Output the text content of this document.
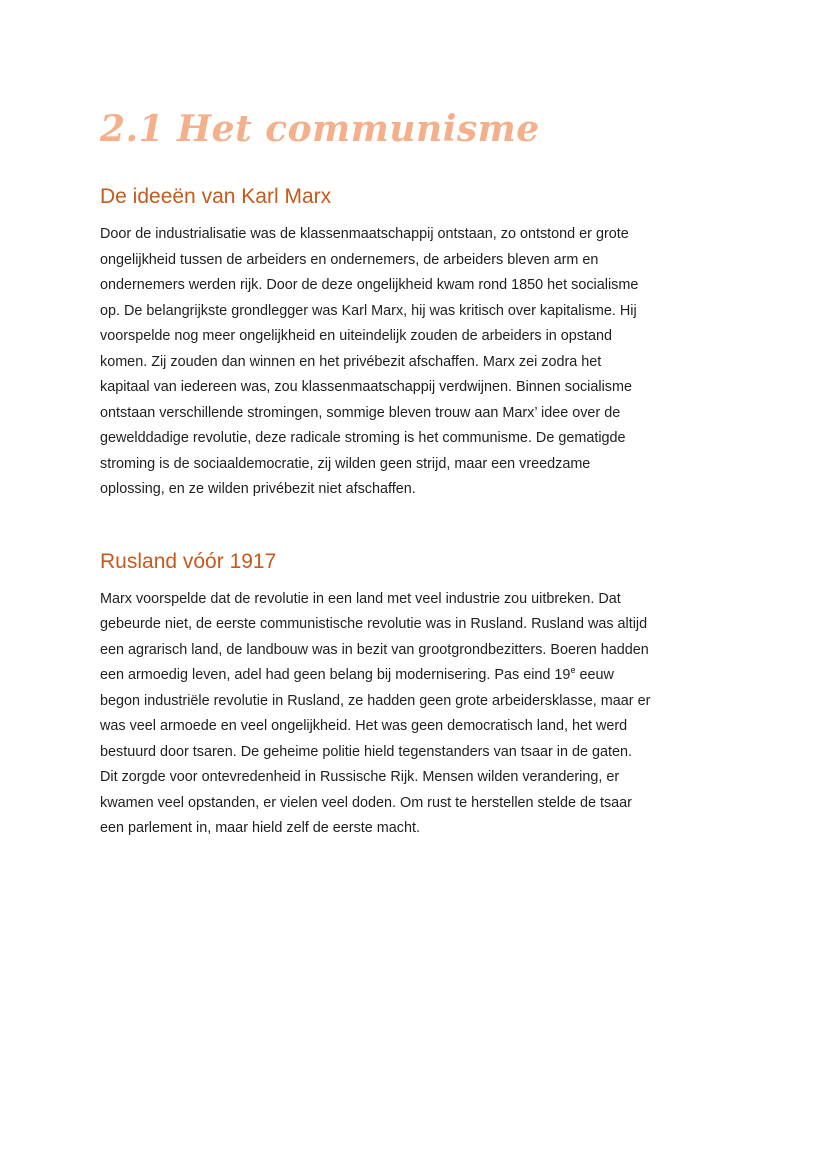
2.1 Het communisme
De ideeën van Karl Marx
Door de industrialisatie was de klassenmaatschappij ontstaan, zo ontstond er grote
ongelijkheid tussen de arbeiders en ondernemers, de arbeiders bleven arm en
ondernemers werden rijk. Door de deze ongelijkheid kwam rond 1850 het socialisme
op. De belangrijkste grondlegger was Karl Marx, hij was kritisch over kapitalisme. Hij
voorspelde nog meer ongelijkheid en uiteindelijk zouden de arbeiders in opstand
komen. Zij zouden dan winnen en het privébezit afschaffen. Marx zei zodra het
kapitaal van iedereen was, zou klassenmaatschappij verdwijnen. Binnen socialisme
ontstaan verschillende stromingen, sommige bleven trouw aan Marx’ idee over de
gewelddadige revolutie, deze radicale stroming is het communisme. De gematigde
stroming is de sociaaldemocratie, zij wilden geen strijd, maar een vreedzame
oplossing, en ze wilden privébezit niet afschaffen.
Rusland vóór 1917
Marx voorspelde dat de revolutie in een land met veel industrie zou uitbreken. Dat
gebeurde niet, de eerste communistische revolutie was in Rusland. Rusland was altijd
een agrarisch land, de landbouw was in bezit van grootgrondbezitters. Boeren hadden
een armoedig leven, adel had geen belang bij modernisering. Pas eind 19e eeuw
begon industriële revolutie in Rusland, ze hadden geen grote arbeidersklasse, maar er
was veel armoede en veel ongelijkheid. Het was geen democratisch land, het werd
bestuurd door tsaren. De geheime politie hield tegenstanders van tsaar in de gaten.
Dit zorgde voor ontevredenheid in Russische Rijk. Mensen wilden verandering, er
kwamen veel opstanden, er vielen veel doden. Om rust te herstellen stelde de tsaar
een parlement in, maar hield zelf de eerste macht.
